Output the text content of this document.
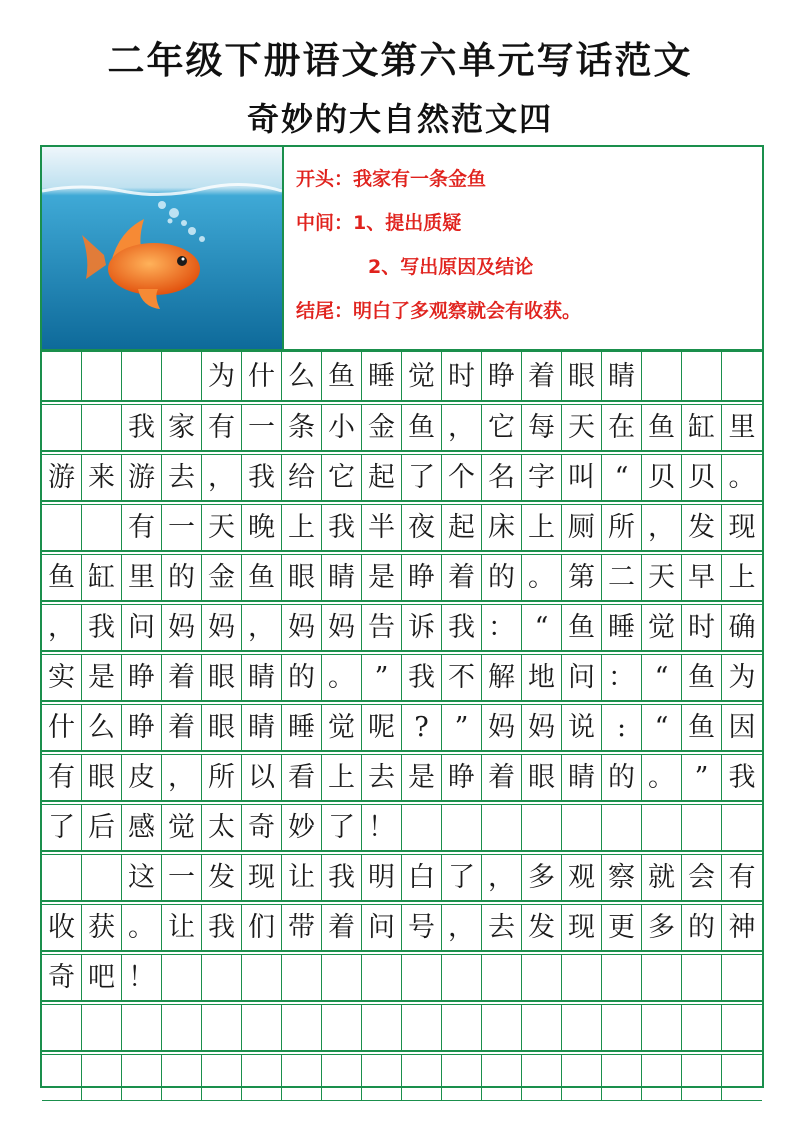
二年级下册语文第六单元写话范文
奇妙的大自然范文四
开头：我家有一条金鱼
中间：1、提出质疑
2、写出原因及结论
结尾：明白了多观察就会有收获。
为 什 么 鱼 睡 觉 时 睁 着 眼 睛
我 家 有 一 条 小 金 鱼 ， 它 每 天 在 鱼 缸 里
游 来 游 去 ， 我 给 它 起 了 个 名 字 叫 “ 贝 贝 。
有 一 天 晚 上 我 半 夜 起 床 上 厕 所 ， 发 现
鱼 缸 里 的 金 鱼 眼 睛 是 睁 着 的 。 第 二 天 早 上
， 我 问 妈 妈 ， 妈 妈 告 诉 我 ： “ 鱼 睡 觉 时 确
实 是 睁 着 眼 睛 的 。 ” 我 不 解 地 问 ： “ 鱼 为
什 么 睁 着 眼 睛 睡 觉 呢 ? ” 妈 妈 说 :	“ 鱼 因
有 眼 皮 ， 所 以 看 上 去 是 睁 着 眼 睛 的 。 ” 我
了 后 感 觉 太 奇 妙 了 ！
这 一 发 现 让 我 明 白 了 ， 多 观 察 就 会 有
收 获 。 让 我 们 带 着 问 号 ， 去 发 现 更 多 的 神
奇 吧 ！
